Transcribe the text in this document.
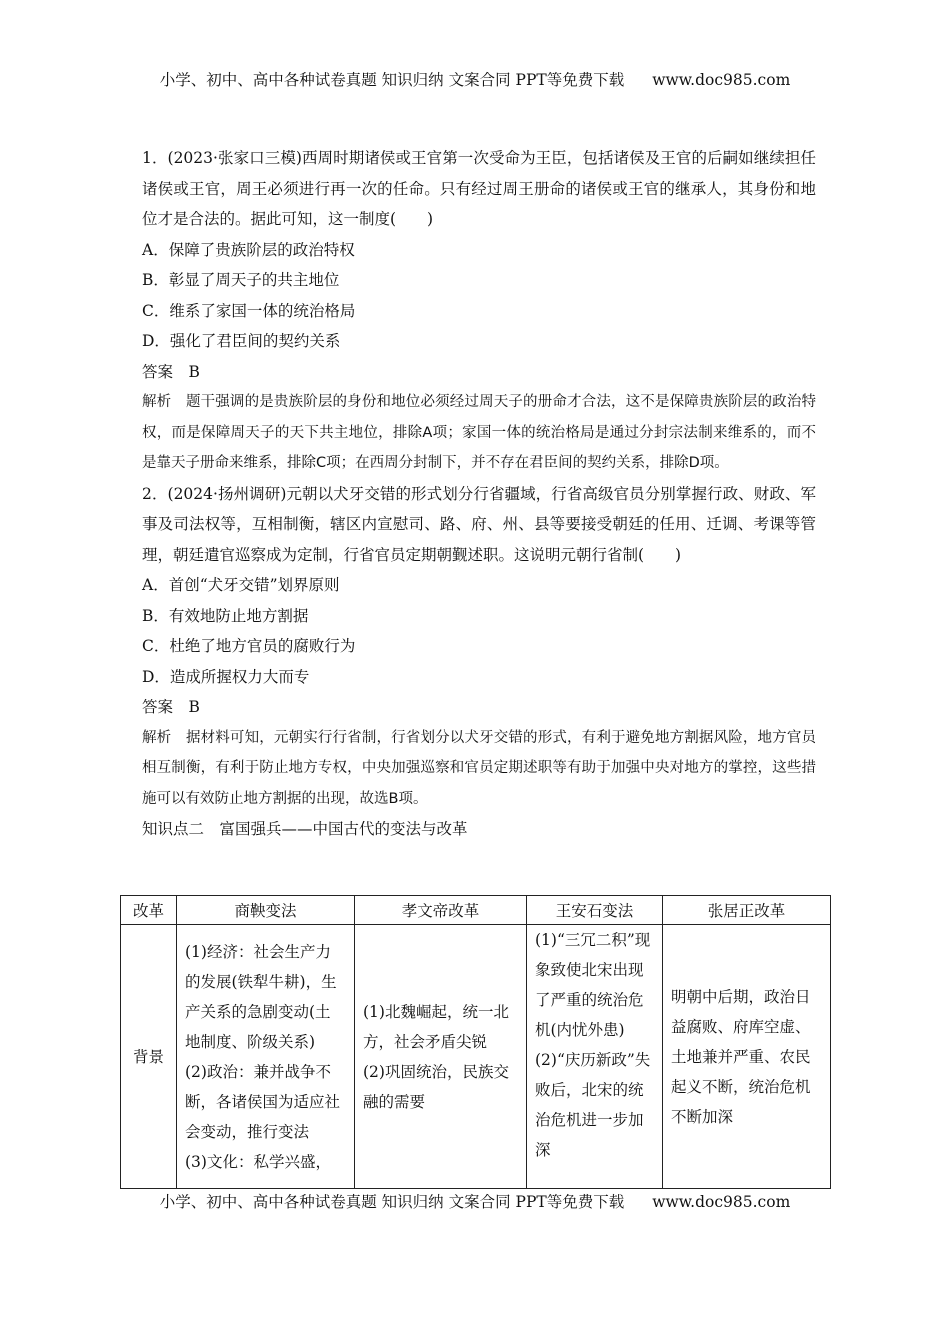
小学、初中、高中各种试卷真题 知识归纳 文案合同 PPT等免费下载 www.doc985.com

1．(2023·张家口三模)西周时期诸侯或王官第一次受命为王臣，包括诸侯及王官的后嗣如继续担任诸侯或王官，周王必须进行再一次的任命。只有经过周王册命的诸侯或王官的继承人，其身份和地位才是合法的。据此可知，这一制度(　　)

A．保障了贵族阶层的政治特权

B．彰显了周天子的共主地位

C．维系了家国一体的统治格局

D．强化了君臣间的契约关系

答案　B

解析　题干强调的是贵族阶层的身份和地位必须经过周天子的册命才合法，这不是保障贵族阶层的政治特权，而是保障周天子的天下共主地位，排除A项；家国一体的统治格局是通过分封宗法制来维系的，而不是靠天子册命来维系，排除C项；在西周分封制下，并不存在君臣间的契约关系，排除D项。

2．(2024·扬州调研)元朝以犬牙交错的形式划分行省疆域，行省高级官员分别掌握行政、财政、军事及司法权等，互相制衡，辖区内宣慰司、路、府、州、县等要接受朝廷的任用、迁调、考课等管理，朝廷遣官巡察成为定制，行省官员定期朝觐述职。这说明元朝行省制(　　)

A．首创“犬牙交错”划界原则

B．有效地防止地方割据

C．杜绝了地方官员的腐败行为

D．造成所握权力大而专

答案　B

解析　据材料可知，元朝实行行省制，行省划分以犬牙交错的形式，有利于避免地方割据风险，地方官员相互制衡，有利于防止地方专权，中央加强巡察和官员定期述职等有助于加强中央对地方的掌控，这些措施可以有效防止地方割据的出现，故选B项。

知识点二　富国强兵——中国古代的变法与改革

改革	商鞅变法	孝文帝改革	王安石变法	张居正改革
背景	(1)经济：社会生产力的发展(铁犁牛耕)，生产关系的急剧变动(土地制度、阶级关系)
(2)政治：兼并战争不断，各诸侯国为适应社会变动，推行变法
(3)文化：私学兴盛，	(1)北魏崛起，统一北方，社会矛盾尖锐
(2)巩固统治，民族交融的需要	(1)“三冗二积”现象致使北宋出现了严重的统治危机(内忧外患)
(2)“庆历新政”失败后，北宋的统治危机进一步加深	明朝中后期，政治日益腐败、府库空虚、土地兼并严重、农民起义不断，统治危机不断加深
小学、初中、高中各种试卷真题 知识归纳 文案合同 PPT等免费下载 www.doc985.com
